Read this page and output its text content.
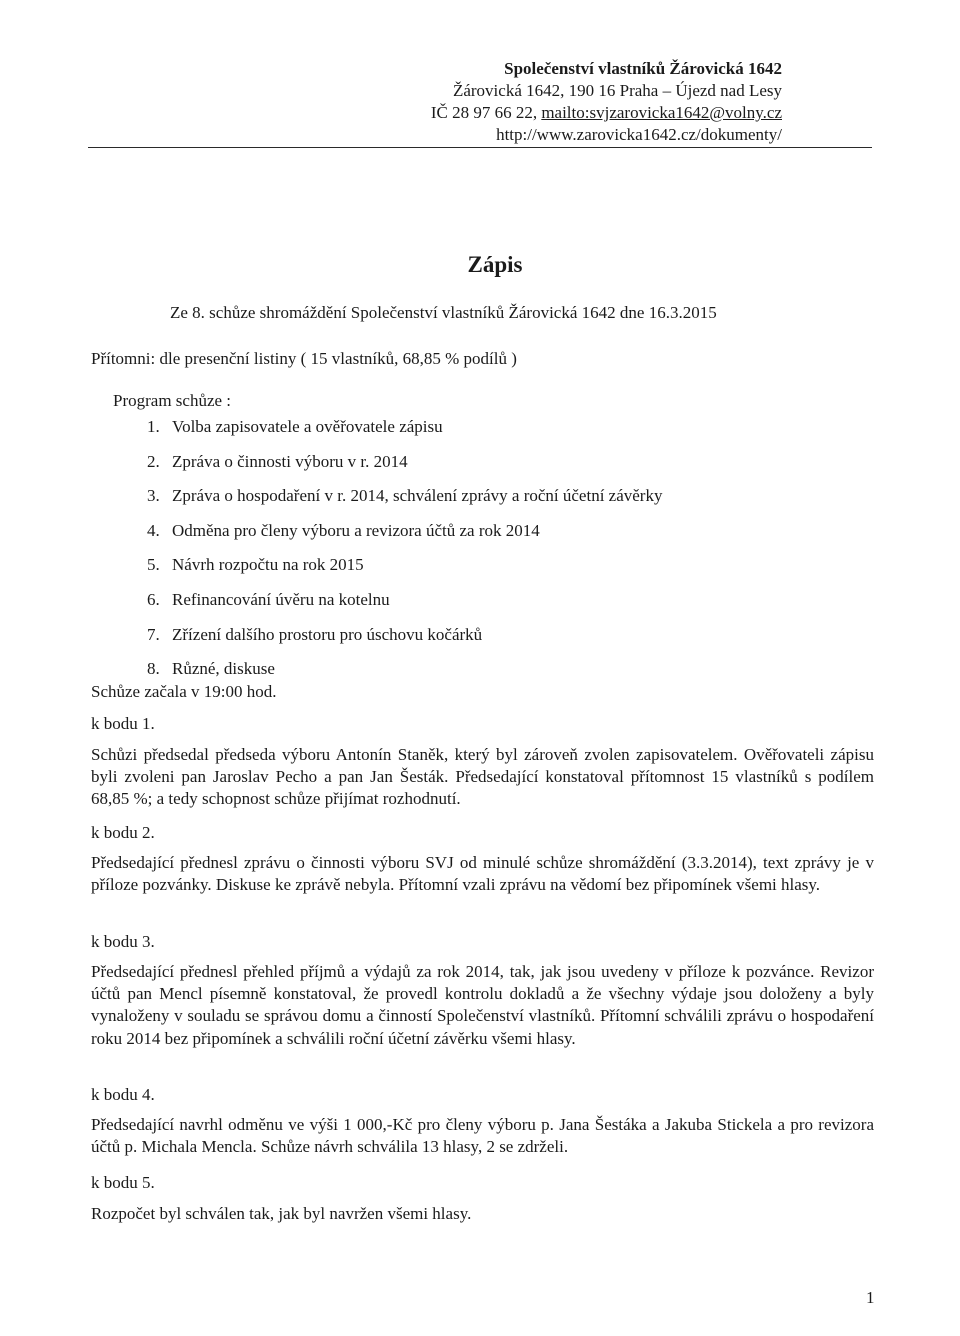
Společenství vlastníků Žárovická 1642
Žárovická 1642, 190 16 Praha – Újezd nad Lesy
IČ 28 97 66 22, mailto:svjzarovicka1642@volny.cz
http://www.zarovicka1642.cz/dokumenty/
Zápis
Ze 8. schůze shromáždění Společenství vlastníků Žárovická 1642 dne 16.3.2015
Přítomni: dle presenční listiny ( 15 vlastníků, 68,85 % podílů )
Program schůze :
1. Volba zapisovatele a ověřovatele zápisu
2. Zpráva o činnosti výboru v r. 2014
3. Zpráva o hospodaření v r. 2014, schválení zprávy a roční účetní závěrky
4. Odměna pro členy výboru a revizora účtů za rok 2014
5. Návrh rozpočtu na rok 2015
6. Refinancování úvěru na kotelnu
7. Zřízení dalšího prostoru pro úschovu kočárků
8. Různé, diskuse
Schůze začala v 19:00 hod.
k bodu 1.
Schůzi předsedal předseda výboru Antonín Staněk, který byl zároveň zvolen zapisovatelem. Ověřovateli zápisu byli zvoleni pan Jaroslav Pecho a pan Jan Šesták. Předsedající konstatoval přítomnost 15 vlastníků s podílem 68,85 %; a tedy schopnost schůze přijímat rozhodnutí.
k bodu 2.
Předsedající přednesl zprávu o činnosti výboru SVJ od minulé schůze shromáždění (3.3.2014), text zprávy je v příloze pozvánky. Diskuse ke zprávě nebyla. Přítomní vzali zprávu na vědomí bez připomínek všemi hlasy.
k bodu 3.
Předsedající přednesl přehled příjmů a výdajů za rok 2014, tak, jak jsou uvedeny v příloze k pozvánce. Revizor účtů pan Mencl písemně konstatoval, že provedl kontrolu dokladů a že všechny výdaje jsou doloženy a byly vynaloženy v souladu se správou domu a činností Společenství vlastníků. Přítomní schválili zprávu o hospodaření roku 2014 bez připomínek a schválili roční účetní závěrku všemi hlasy.
k bodu 4.
Předsedající navrhl odměnu ve výši 1 000,-Kč pro členy výboru p. Jana Šestáka a Jakuba Stickela a pro revizora účtů p. Michala Mencla. Schůze návrh schválila 13 hlasy, 2 se zdrželi.
k bodu 5.
Rozpočet byl schválen tak, jak byl navržen všemi hlasy.
1
